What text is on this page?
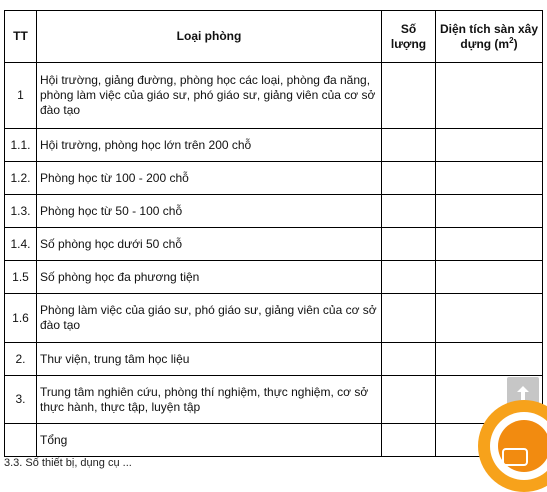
TT	Loại phòng	Số lượng	Diện tích sàn xây dựng $(m^2)$
1	Hội trường, giảng đường, phòng học các loại, phòng đa năng, phòng làm việc của giáo sư, phó giáo sư, giảng viên của cơ sở đào tạo		
1.1.	Hội trường, phòng học lớn trên 200 chỗ		
1.2.	Phòng học từ 100 - 200 chỗ		
1.3.	Phòng học từ 50 - 100 chỗ		
1.4.	Số phòng học dưới 50 chỗ		
1.5	Số phòng học đa phương tiện		
1.6	Phòng làm việc của giáo sư, phó giáo sư, giảng viên của cơ sở đào tạo		
2.	Thư viện, trung tâm học liệu		
3.	Trung tâm nghiên cứu, phòng thí nghiệm, thực nghiệm, cơ sở thực hành, thực tập, luyện tập		
	Tổng		
3.3. Số thiết bị, dụng cụ ...
